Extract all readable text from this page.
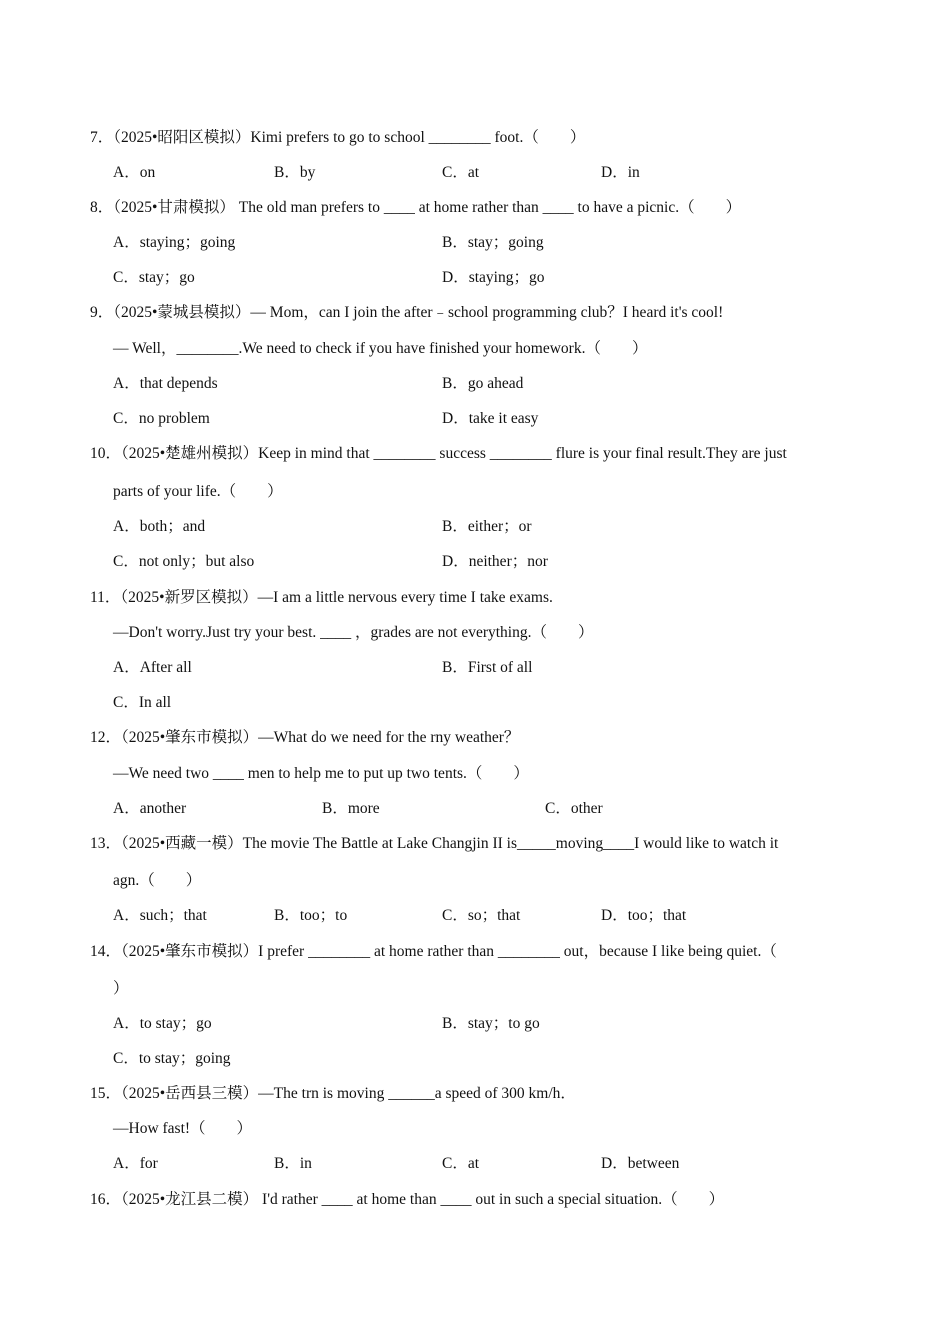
7．（2025•昭阳区模拟）Kimi prefers to go to school ________ foot.（　　）
A．on	B．by	C．at	D．in
8．（2025•甘肃模拟） The old man prefers to ____ at home rather than ____ to have a picnic.（　　）
A．staying；going	B．stay；going
C．stay；go	D．staying；go
9．（2025•蒙城县模拟）— Mom，can I join the after﹣school programming club？I heard it's cool!
— Well，________.We need to check if you have finished your homework.（　　）
A．that depends	B．go ahead
C．no problem	D．take it easy
10．（2025•楚雄州模拟）Keep in mind that ________ success ________ flure is your final result.They are just
parts of your life.（　　）
A．both；and	B．either；or
C．not only；but also	D．neither；nor
11．（2025•新罗区模拟）—I am a little nervous every time I take exams.
—Don't worry.Just try your best. ____ ，grades are not everything.（　　）
A．After all	B．First of all
C．In all
12．（2025•肇东市模拟）—What do we need for the rny weather？
—We need two ____ men to help me to put up two tents.（　　）
A．another	B．more	C．other
13．（2025•西藏一模）The movie The Battle at Lake Changjin II is_____moving____I would like to watch it
agn.（　　）
A．such；that	B．too；to	C．so；that	D．too；that
14．（2025•肇东市模拟）I prefer ________ at home rather than ________ out，because I like being quiet.（
）
A．to stay；go	B．stay；to go
C．to stay；going
15．（2025•岳西县三模）—The trn is moving ______a speed of 300 km/h．
—How fast!（　　）
A．for	B．in	C．at	D．between
16．（2025•龙江县二模） I'd rather ____ at home than ____ out in such a special situation.（　　）
